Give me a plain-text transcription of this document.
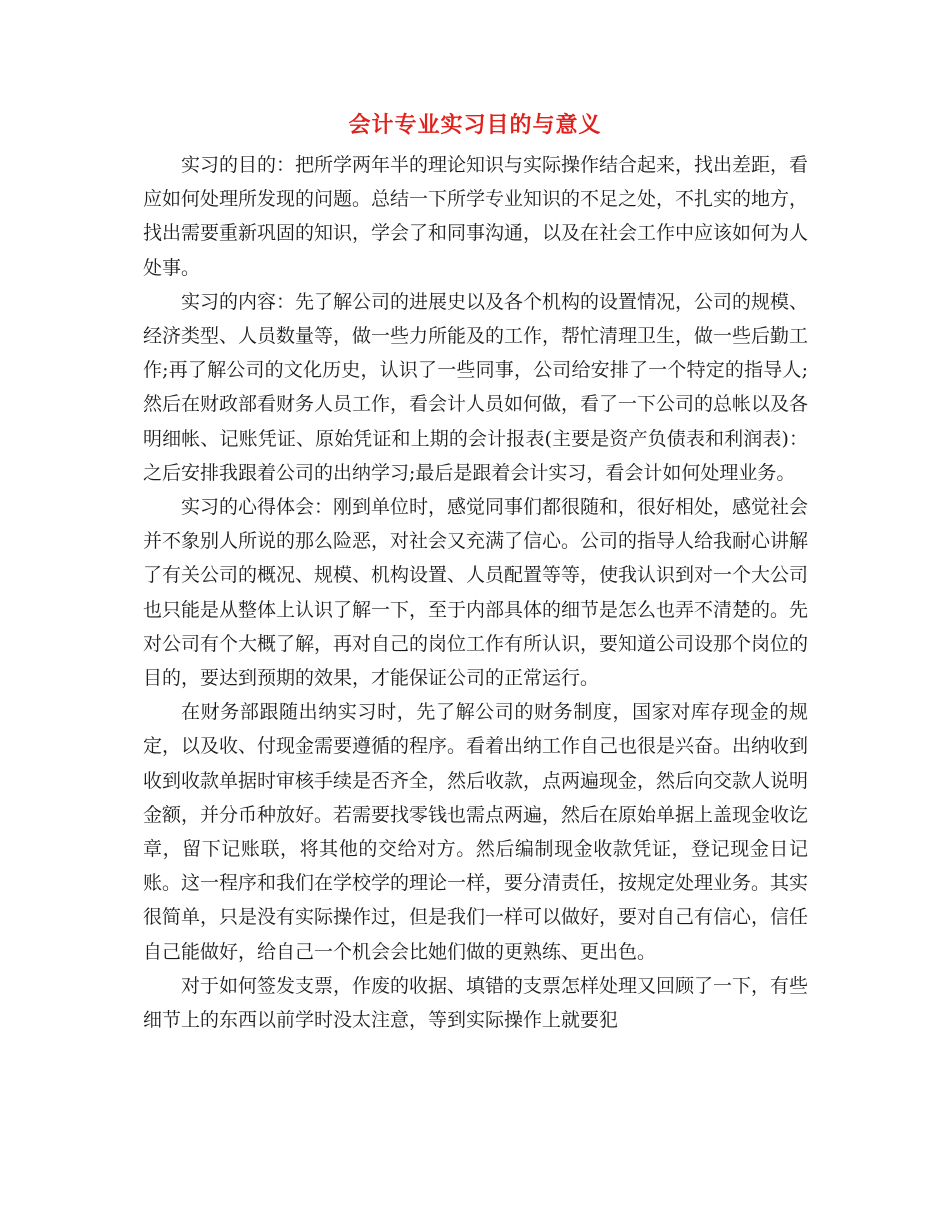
会计专业实习目的与意义

实习的目的：把所学两年半的理论知识与实际操作结合起来，找出差距，看应如何处理所发现的问题。总结一下所学专业知识的不足之处，不扎实的地方，找出需要重新巩固的知识，学会了和同事沟通，以及在社会工作中应该如何为人处事。

实习的内容：先了解公司的进展史以及各个机构的设置情况，公司的规模、经济类型、人员数量等，做一些力所能及的工作，帮忙清理卫生，做一些后勤工作;再了解公司的文化历史，认识了一些同事，公司给安排了一个特定的指导人;然后在财政部看财务人员工作，看会计人员如何做，看了一下公司的总帐以及各明细帐、记账凭证、原始凭证和上期的会计报表(主要是资产负债表和利润表)：之后安排我跟着公司的出纳学习;最后是跟着会计实习，看会计如何处理业务。

实习的心得体会：刚到单位时，感觉同事们都很随和，很好相处，感觉社会并不象别人所说的那么险恶，对社会又充满了信心。公司的指导人给我耐心讲解了有关公司的概况、规模、机构设置、人员配置等等，使我认识到对一个大公司也只能是从整体上认识了解一下，至于内部具体的细节是怎么也弄不清楚的。先对公司有个大概了解，再对自己的岗位工作有所认识，要知道公司设那个岗位的目的，要达到预期的效果，才能保证公司的正常运行。

在财务部跟随出纳实习时，先了解公司的财务制度，国家对库存现金的规定，以及收、付现金需要遵循的程序。看着出纳工作自己也很是兴奋。出纳收到收到收款单据时审核手续是否齐全，然后收款，点两遍现金，然后向交款人说明金额，并分币种放好。若需要找零钱也需点两遍，然后在原始单据上盖现金收讫章，留下记账联，将其他的交给对方。然后编制现金收款凭证，登记现金日记账。这一程序和我们在学校学的理论一样，要分清责任，按规定处理业务。其实很简单，只是没有实际操作过，但是我们一样可以做好，要对自己有信心，信任自己能做好，给自己一个机会会比她们做的更熟练、更出色。

对于如何签发支票，作废的收据、填错的支票怎样处理又回顾了一下，有些细节上的东西以前学时没太注意，等到实际操作上就要犯
